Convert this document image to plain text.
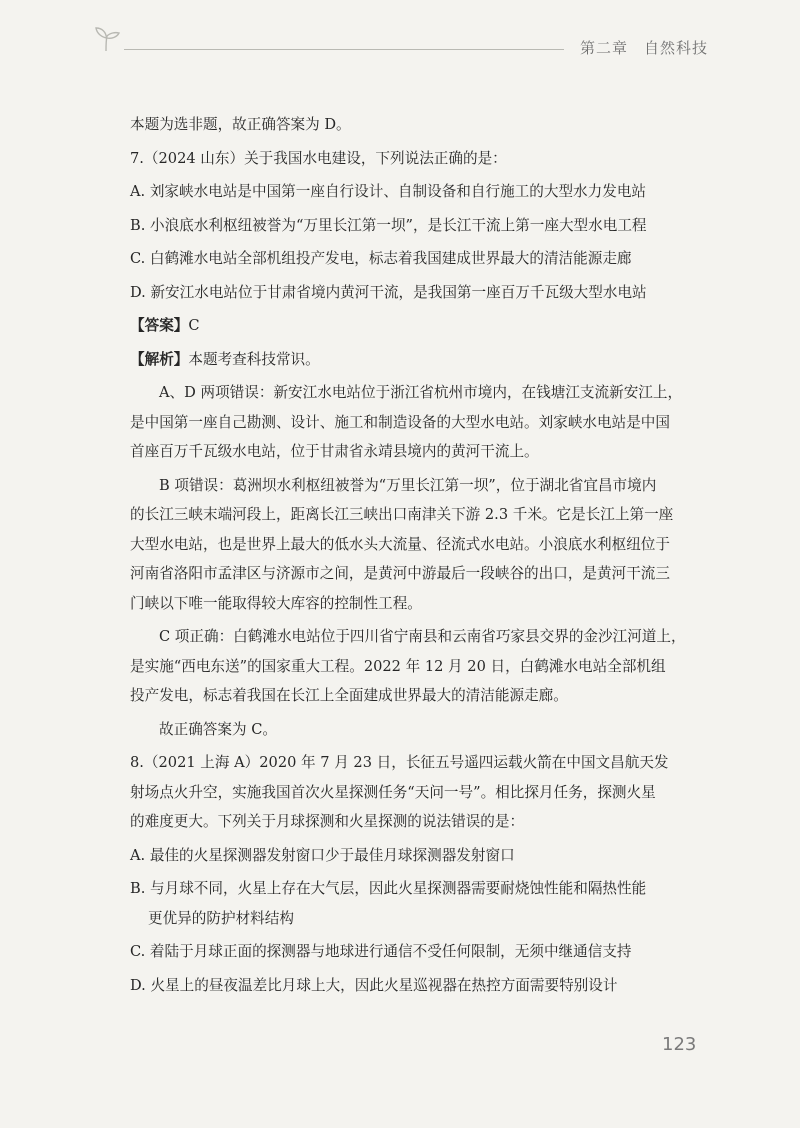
第二章　自然科技

本题为选非题，故正确答案为 D。

7.（2024 山东）关于我国水电建设，下列说法正确的是：

A. 刘家峡水电站是中国第一座自行设计、自制设备和自行施工的大型水力发电站

B. 小浪底水利枢纽被誉为“万里长江第一坝”，是长江干流上第一座大型水电工程

C. 白鹤滩水电站全部机组投产发电，标志着我国建成世界最大的清洁能源走廊

D. 新安江水电站位于甘肃省境内黄河干流，是我国第一座百万千瓦级大型水电站

【答案】C

【解析】本题考查科技常识。

A、D 两项错误：新安江水电站位于浙江省杭州市境内，在钱塘江支流新安江上，

是中国第一座自己勘测、设计、施工和制造设备的大型水电站。刘家峡水电站是中国

首座百万千瓦级水电站，位于甘肃省永靖县境内的黄河干流上。

B 项错误：葛洲坝水利枢纽被誉为“万里长江第一坝”，位于湖北省宜昌市境内

的长江三峡末端河段上，距离长江三峡出口南津关下游 2.3 千米。它是长江上第一座

大型水电站，也是世界上最大的低水头大流量、径流式水电站。小浪底水利枢纽位于

河南省洛阳市孟津区与济源市之间，是黄河中游最后一段峡谷的出口，是黄河干流三

门峡以下唯一能取得较大库容的控制性工程。

C 项正确：白鹤滩水电站位于四川省宁南县和云南省巧家县交界的金沙江河道上，

是实施“西电东送”的国家重大工程。2022 年 12 月 20 日，白鹤滩水电站全部机组

投产发电，标志着我国在长江上全面建成世界最大的清洁能源走廊。

故正确答案为 C。

8.（2021 上海 A）2020 年 7 月 23 日，长征五号遥四运载火箭在中国文昌航天发

射场点火升空，实施我国首次火星探测任务“天问一号”。相比探月任务，探测火星

的难度更大。下列关于月球探测和火星探测的说法错误的是：

A. 最佳的火星探测器发射窗口少于最佳月球探测器发射窗口

B. 与月球不同，火星上存在大气层，因此火星探测器需要耐烧蚀性能和隔热性能

更优异的防护材料结构

C. 着陆于月球正面的探测器与地球进行通信不受任何限制，无须中继通信支持

D. 火星上的昼夜温差比月球上大，因此火星巡视器在热控方面需要特别设计

123
